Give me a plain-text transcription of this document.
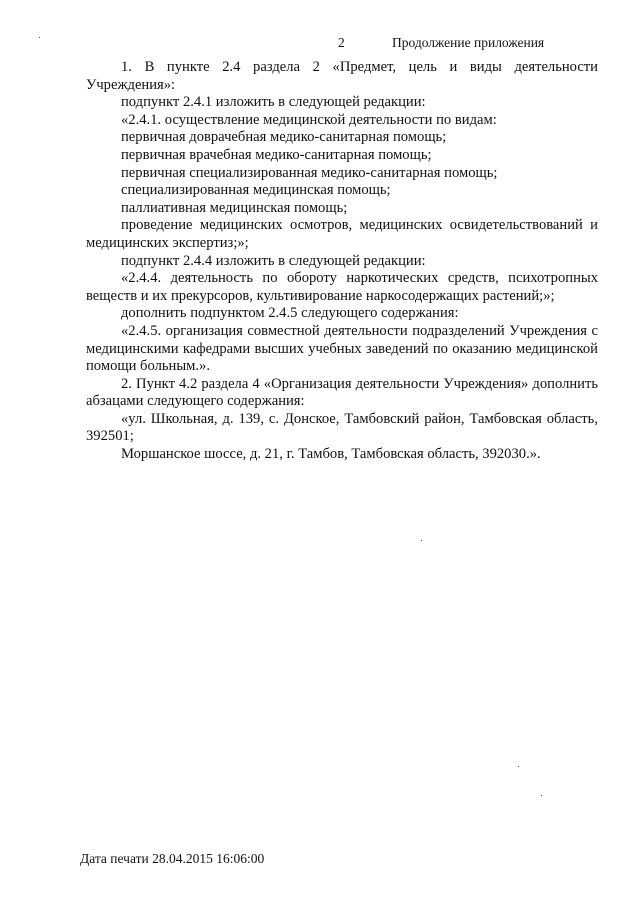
2	Продолжение приложения

1. В пункте 2.4 раздела 2 «Предмет, цель и виды деятельности Учреждения»:

подпункт 2.4.1 изложить в следующей редакции:

«2.4.1. осуществление медицинской деятельности по видам:

первичная доврачебная медико-санитарная помощь;

первичная врачебная медико-санитарная помощь;

первичная специализированная медико-санитарная помощь;

специализированная медицинская помощь;

паллиативная медицинская помощь;

проведение медицинских осмотров, медицинских освидетельствований и медицинских экспертиз;»;

подпункт 2.4.4 изложить в следующей редакции:

«2.4.4. деятельность по обороту наркотических средств, психотропных веществ и их прекурсоров, культивирование наркосодержащих растений;»;

дополнить подпунктом 2.4.5 следующего содержания:

«2.4.5. организация совместной деятельности подразделений Учреждения с медицинскими кафедрами высших учебных заведений по оказанию медицинской помощи больным.».

2. Пункт 4.2 раздела 4 «Организация деятельности Учреждения» дополнить абзацами следующего содержания:

«ул. Школьная, д. 139, с. Донское, Тамбовский район, Тамбовская область, 392501;

Моршанское шоссе, д. 21, г. Тамбов, Тамбовская область, 392030.».

Дата печати 28.04.2015 16:06:00
